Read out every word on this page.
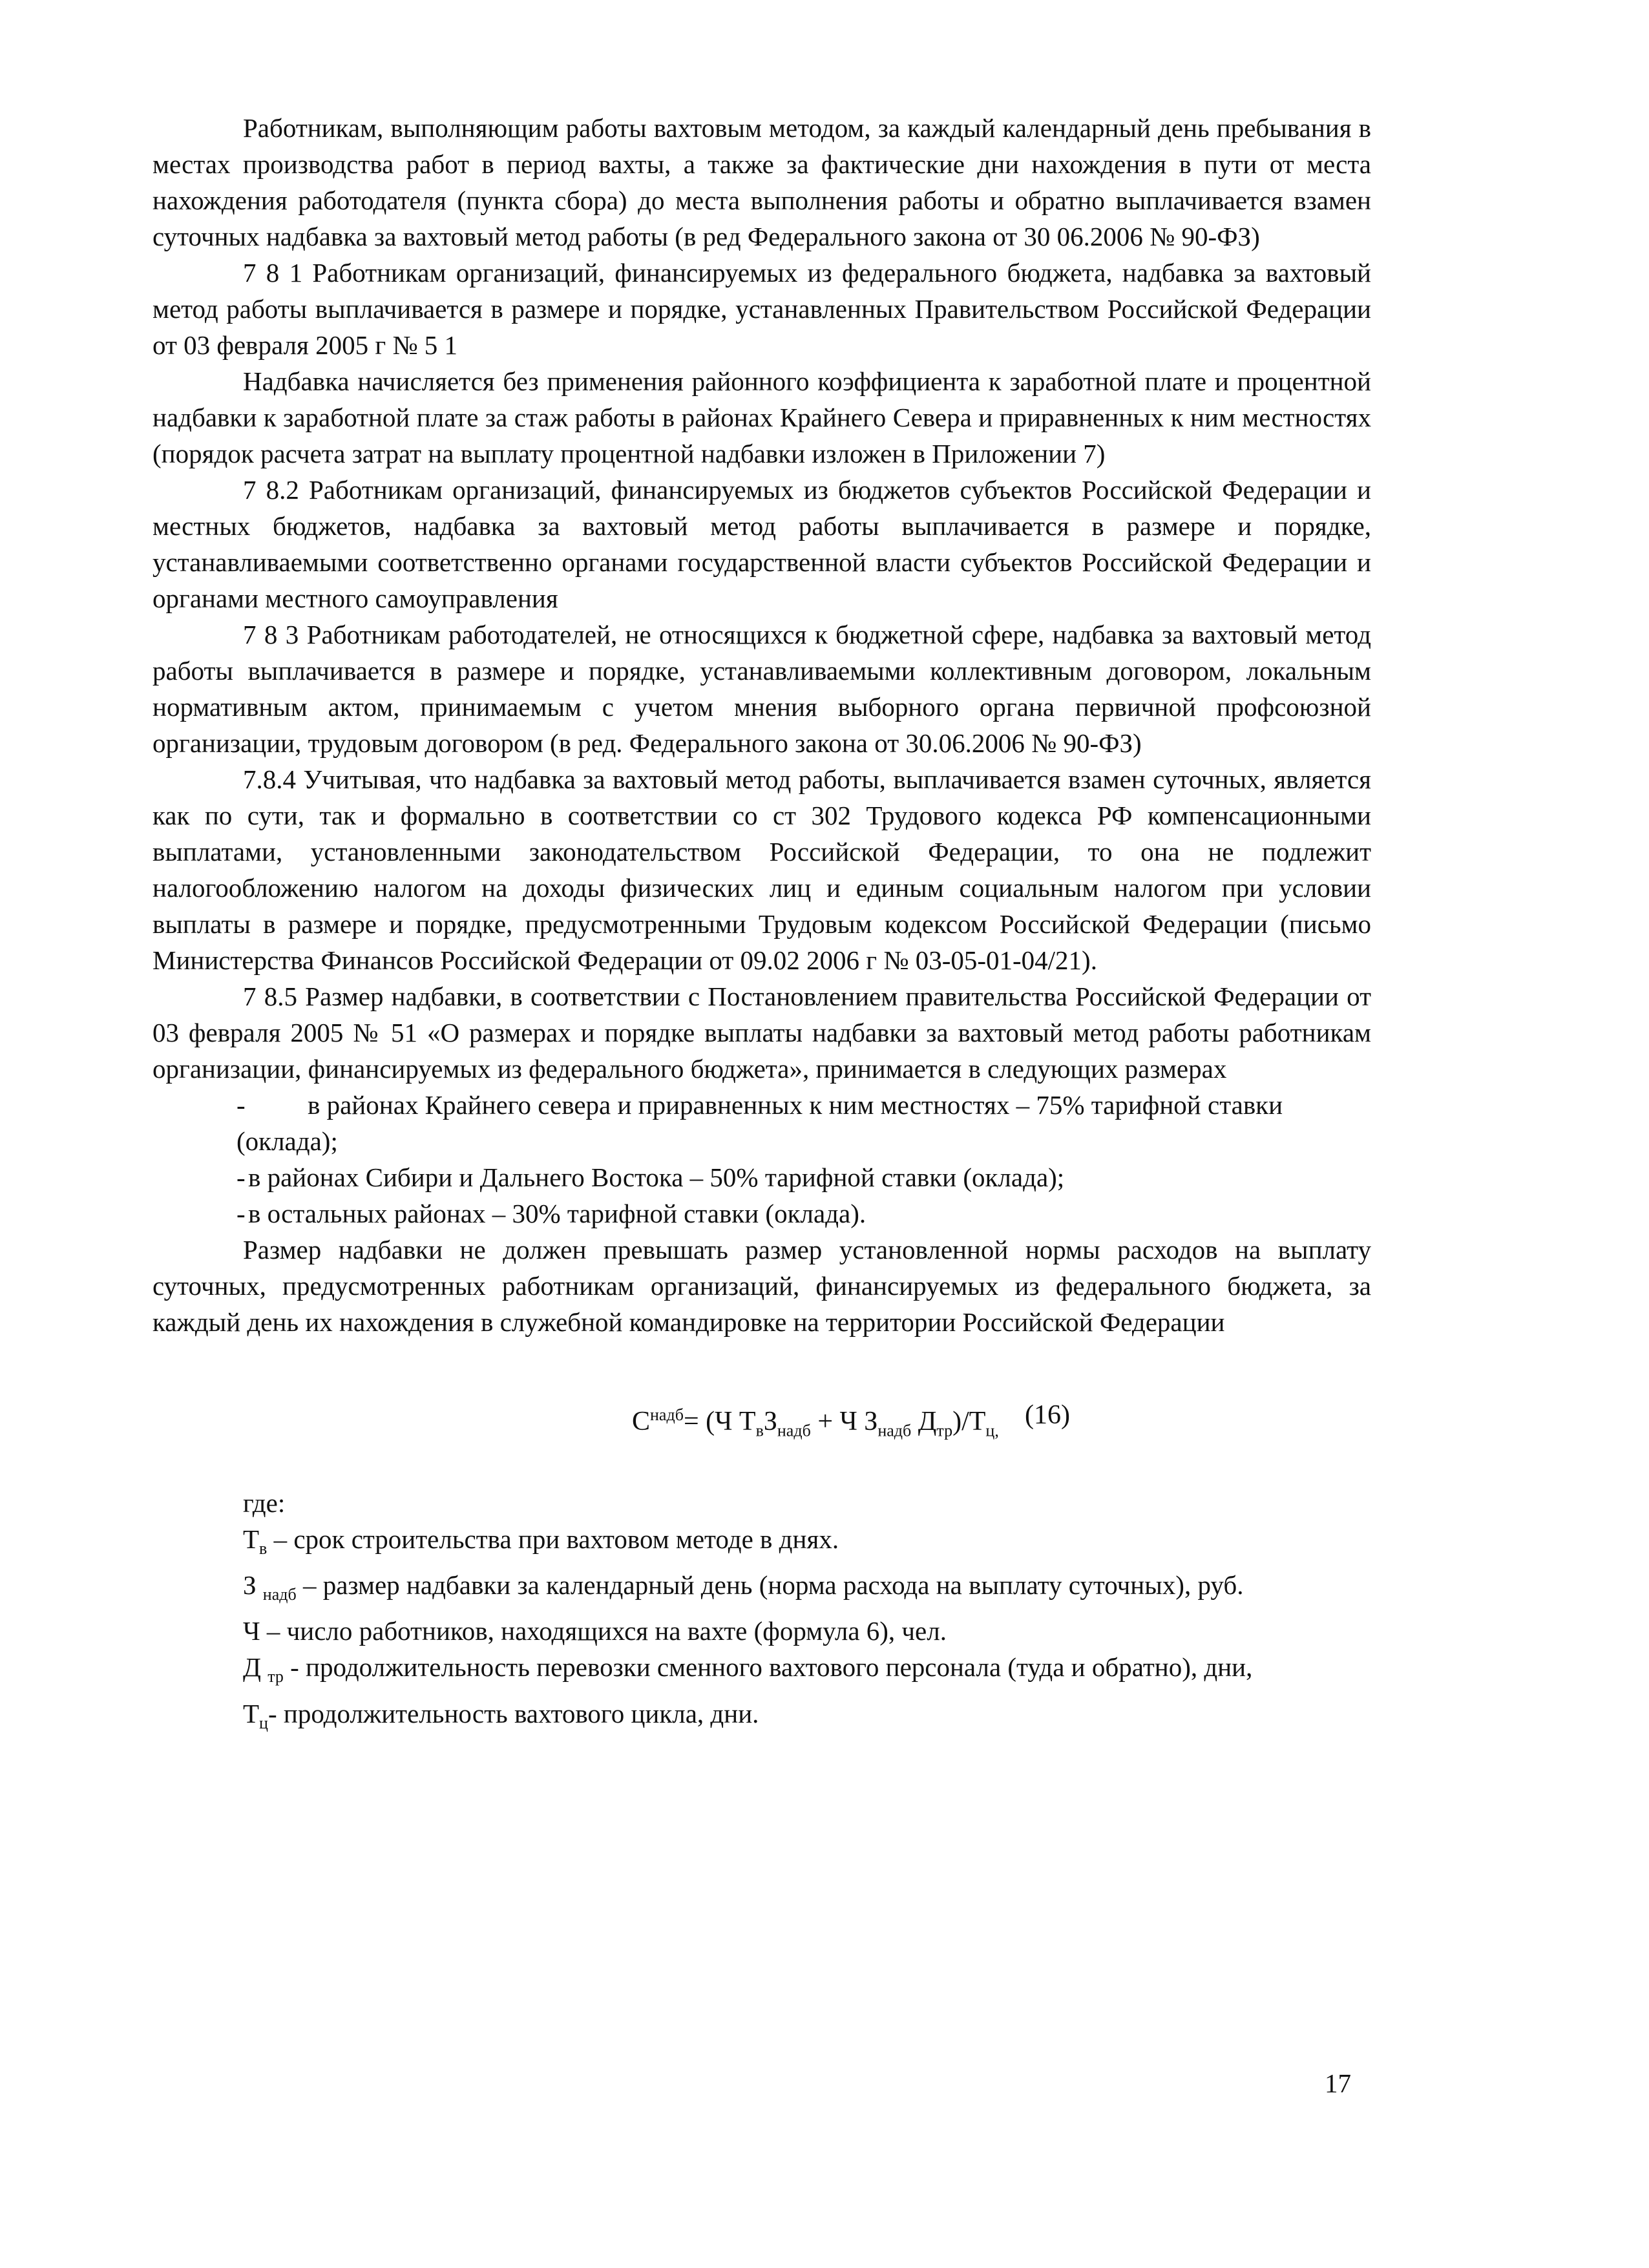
Работникам, выполняющим работы вахтовым методом, за каждый календарный день пребывания в местах производства работ в период вахты, а также за фактические дни нахождения в пути от места нахождения работодателя (пункта сбора) до места выполнения работы и обратно выплачивается взамен суточных надбавка за вахтовый метод работы (в ред Федерального закона от 30 06.2006 № 90-ФЗ)

7 8 1 Работникам организаций, финансируемых из федерального бюджета, надбавка за вахтовый метод работы выплачивается в размере и порядке, устанавленных Правительством Российской Федерации от 03 февраля 2005 г № 5 1

Надбавка начисляется без применения районного коэффициента к заработной плате и процентной надбавки к заработной плате за стаж работы в районах Крайнего Севера и приравненных к ним местностях (порядок расчета затрат на выплату процентной надбавки изложен в Приложении 7)

7 8.2 Работникам организаций, финансируемых из бюджетов субъектов Российской Федерации и местных бюджетов, надбавка за вахтовый метод работы выплачивается в размере и порядке, устанавливаемыми соответственно органами государственной власти субъектов Российской Федерации и органами местного самоуправления

7 8 3 Работникам работодателей, не относящихся к бюджетной сфере, надбавка за вахтовый метод работы выплачивается в размере и порядке, устанавливаемыми коллективным договором, локальным нормативным актом, принимаемым с учетом мнения выборного органа первичной профсоюзной организации, трудовым договором (в ред. Федерального закона от 30.06.2006 № 90-ФЗ)

7.8.4 Учитывая, что надбавка за вахтовый метод работы, выплачивается взамен суточных, является как по сути, так и формально в соответствии со ст 302 Трудового кодекса РФ компенсационными выплатами, установленными законодательством Российской Федерации, то она не подлежит налогообложению налогом на доходы физических лиц и единым социальным налогом при условии выплаты в размере и порядке, предусмотренными Трудовым кодексом Российской Федерации (письмо Министерства Финансов Российской Федерации от 09.02 2006 г № 03-05-01-04/21).

7 8.5 Размер надбавки, в соответствии с Постановлением правительства Российской Федерации от 03 февраля 2005 № 51 «О размерах и порядке выплаты надбавки за вахтовый метод работы работникам организации, финансируемых из федерального бюджета», принимается в следующих размерах

- в районах Крайнего севера и приравненных к ним местностях – 75% тарифной ставки (оклада);
- в районах Сибири и Дальнего Востока – 50% тарифной ставки (оклада);
- в остальных районах – 30% тарифной ставки (оклада).

Размер надбавки не должен превышать размер установленной нормы расходов на выплату суточных, предусмотренных работникам организаций, финансируемых из федерального бюджета, за каждый день их нахождения в служебной командировке на территории Российской Федерации

$С^{надб}= (Ч$ $Т_вЗ_{надб} + Ч$ $З_{надб}$ $Д_{тр})/Т_{ц,}$
(16)

где:

$Т_в$ – срок строительства при вахтовом методе в днях.

З $_{надб}$ – размер надбавки за календарный день (норма расхода на выплату суточных), руб.

Ч – число работников, находящихся на вахте (формула 6), чел.

Д $_{тр}$ - продолжительность перевозки сменного вахтового персонала (туда и обратно), дни,

$Т_ц-$ продолжительность вахтового цикла, дни.

17
